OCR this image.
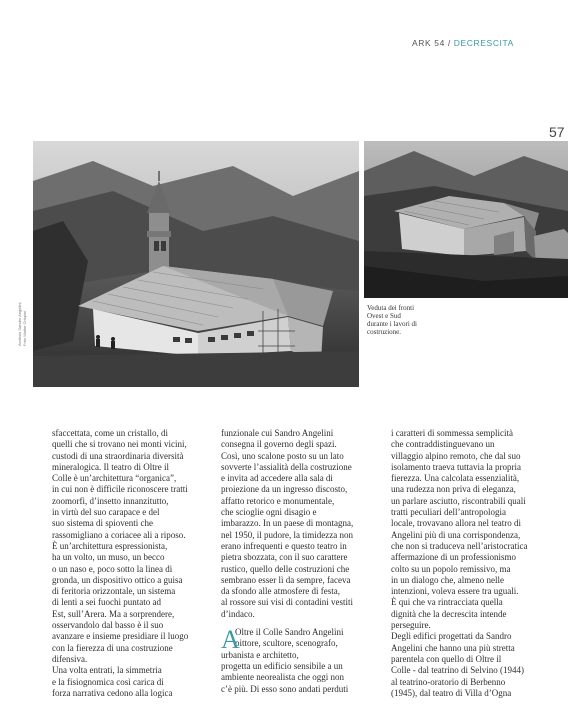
ARK 54 / DECRESCITA
57
Archivio Sandro Angelini, Foto Walter Crispini
Veduta dei fronti
Ovest e Sud
durante i lavori di
costruzione.
sfaccettata, come un cristallo, di
quelli che si trovano nei monti vicini,
custodi di una straordinaria diversità
mineralogica. Il teatro di Oltre il
Colle è un’architettura “organica”,
in cui non è difficile riconoscere tratti
zoomorfi, d’insetto innanzitutto,
in virtù del suo carapace e del
suo sistema di spioventi che
rassomigliano a coriacee ali a riposo.
È un’architettura espressionista,
ha un volto, un muso, un becco
o un naso e, poco sotto la linea di
gronda, un dispositivo ottico a guisa
di feritoria orizzontale, un sistema
di lenti a sei fuochi puntato ad
Est, sull’Arera. Ma a sorprendere,
osservandolo dal basso è il suo
avanzare e insieme presidiare il luogo
con la fierezza di una costruzione
difensiva.
Una volta entrati, la simmetria
e la fisiognomica così carica di
forza narrativa cedono alla logica
funzionale cui Sandro Angelini
consegna il governo degli spazi.
Così, uno scalone posto su un lato
sovverte l’assialità della costruzione
e invita ad accedere alla sala di
proiezione da un ingresso discosto,
affatto retorico e monumentale,
che scioglie ogni disagio e
imbarazzo. In un paese di montagna,
nel 1950, il pudore, la timidezza non
erano infrequenti e questo teatro in
pietra sbozzata, con il suo carattere
rustico, quello delle costruzioni che
sembrano esser lì da sempre, faceva
da sfondo alle atmosfere di festa,
al rossore sui visi di contadini vestiti
d’indaco.
A
Oltre il Colle Sandro Angelini
pittore, scultore, scenografo,
urbanista e architetto,
progetta un edificio sensibile a un
ambiente neorealista che oggi non
c’è più. Di esso sono andati perduti
i caratteri di sommessa semplicità
che contraddistinguevano un
villaggio alpino remoto, che dal suo
isolamento traeva tuttavia la propria
fierezza. Una calcolata essenzialità,
una rudezza non priva di eleganza,
un parlare asciutto, riscontrabili quali
tratti peculiari dell’antropologia
locale, trovavano allora nel teatro di
Angelini più di una corrispondenza,
che non si traduceva nell’aristocratica
affermazione di un professionismo
colto su un popolo remissivo, ma
in un dialogo che, almeno nelle
intenzioni, voleva essere tra uguali.
È qui che va rintracciata quella
dignità che la decrescita intende
perseguire.
Degli edifici progettati da Sandro
Angelini che hanno una più stretta
parentela con quello di Oltre il
Colle - dal teatrino di Selvino (1944)
al teatrino-oratorio di Berbenno
(1945), dal teatro di Villa d’Ogna
